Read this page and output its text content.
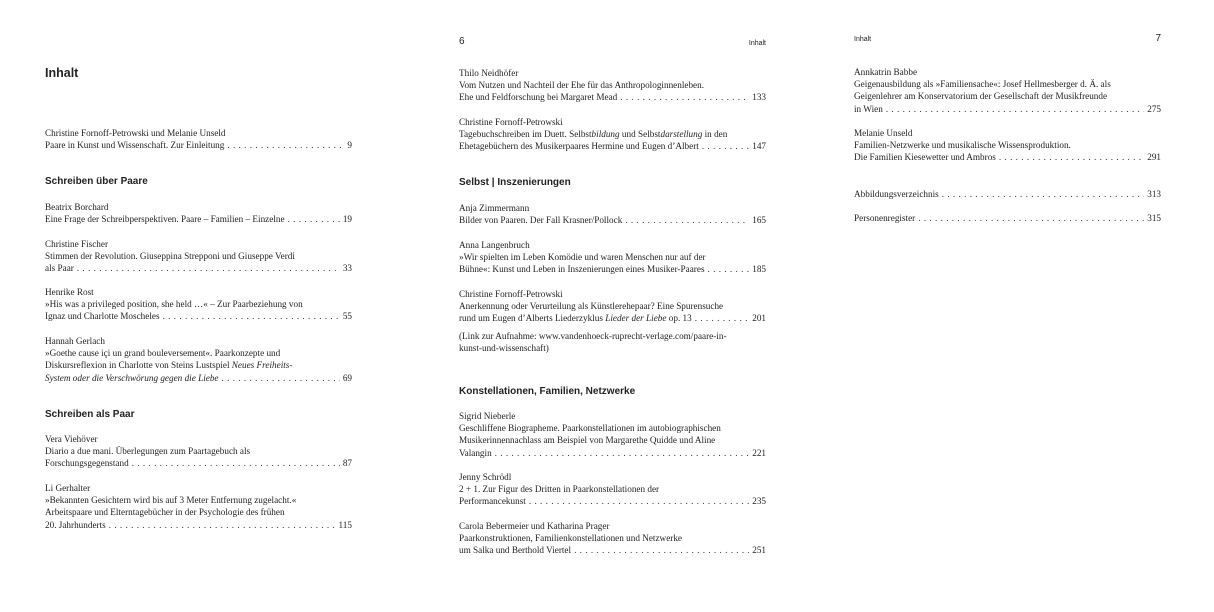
Inhalt
Christine Fornoff-Petrowski und Melanie Unseld
Paare in Kunst und Wissenschaft. Zur Einleitung . . .	9
Schreiben über Paare
Beatrix Borchard
Eine Frage der Schreibperspektiven. Paare – Familien – Einzelne . . .	19
Christine Fischer
Stimmen der Revolution. Giuseppina Strepponi und Giuseppe Verdi
als Paar . . .	33
Henrike Rost
»His was a privileged position, she held …« – Zur Paarbeziehung von
Ignaz und Charlotte Moscheles . . .	55
Hannah Gerlach
»Goethe cause içi un grand bouleversement«. Paarkonzepte und
Diskursreflexion in Charlotte von Steins Lustspiel Neues Freiheits-
System oder die Verschwörung gegen die Liebe . . .	69
Schreiben als Paar
Vera Viehöver
Diario a due mani. Überlegungen zum Paartagebuch als
Forschungsgegenstand . . .	87
Li Gerhalter
»Bekannten Gesichtern wird bis auf 3 Meter Entfernung zugelacht.«
Arbeitspaare und Elterntagebücher in der Psychologie des frühen
20. Jahrhunderts . . .	115
6	Inhalt
Thilo Neidhöfer
Vom Nutzen und Nachteil der Ehe für das Anthropologinnenleben.
Ehe und Feldforschung bei Margaret Mead . . .	133
Christine Fornoff-Petrowski
Tagebuchschreiben im Duett. Selbstbildung und Selbstdarstellung in den
Ehetagebüchern des Musikerpaares Hermine und Eugen d’Albert . . .	147
Selbst | Inszenierungen
Anja Zimmermann
Bilder von Paaren. Der Fall Krasner/Pollock . . .	165
Anna Langenbruch
»Wir spielten im Leben Komödie und waren Menschen nur auf der
Bühne«: Kunst und Leben in Inszenierungen eines Musiker-Paares . . .	185
Christine Fornoff-Petrowski
Anerkennung oder Verurteilung als Künstlerehepaar? Eine Spurensuche
rund um Eugen d’Alberts Liederzyklus Lieder der Liebe op. 13 . . .	201
(Link zur Aufnahme: www.vandenhoeck-ruprecht-verlage.com/paare-in-
kunst-und-wissenschaft)
Konstellationen, Familien, Netzwerke
Sigrid Nieberle
Geschliffene Biographeme. Paarkonstellationen im autobiographischen
Musikerinnennachlass am Beispiel von Margarethe Quidde und Aline
Valangin . . .	221
Jenny Schrödl
2 + 1. Zur Figur des Dritten in Paarkonstellationen der
Performancekunst . . .	235
Carola Bebermeier und Katharina Prager
Paarkonstruktionen, Familienkonstellationen und Netzwerke
um Salka und Berthold Viertel . . .	251
Inhalt	7
Annkatrin Babbe
Geigenausbildung als »Familiensache«: Josef Hellmesberger d. Ä. als
Geigenlehrer am Konservatorium der Gesellschaft der Musikfreunde
in Wien . . .	275
Melanie Unseld
Familien-Netzwerke und musikalische Wissensproduktion.
Die Familien Kiesewetter und Ambros . . .	291
Abbildungsverzeichnis . . .	313
Personenregister . . .	315
